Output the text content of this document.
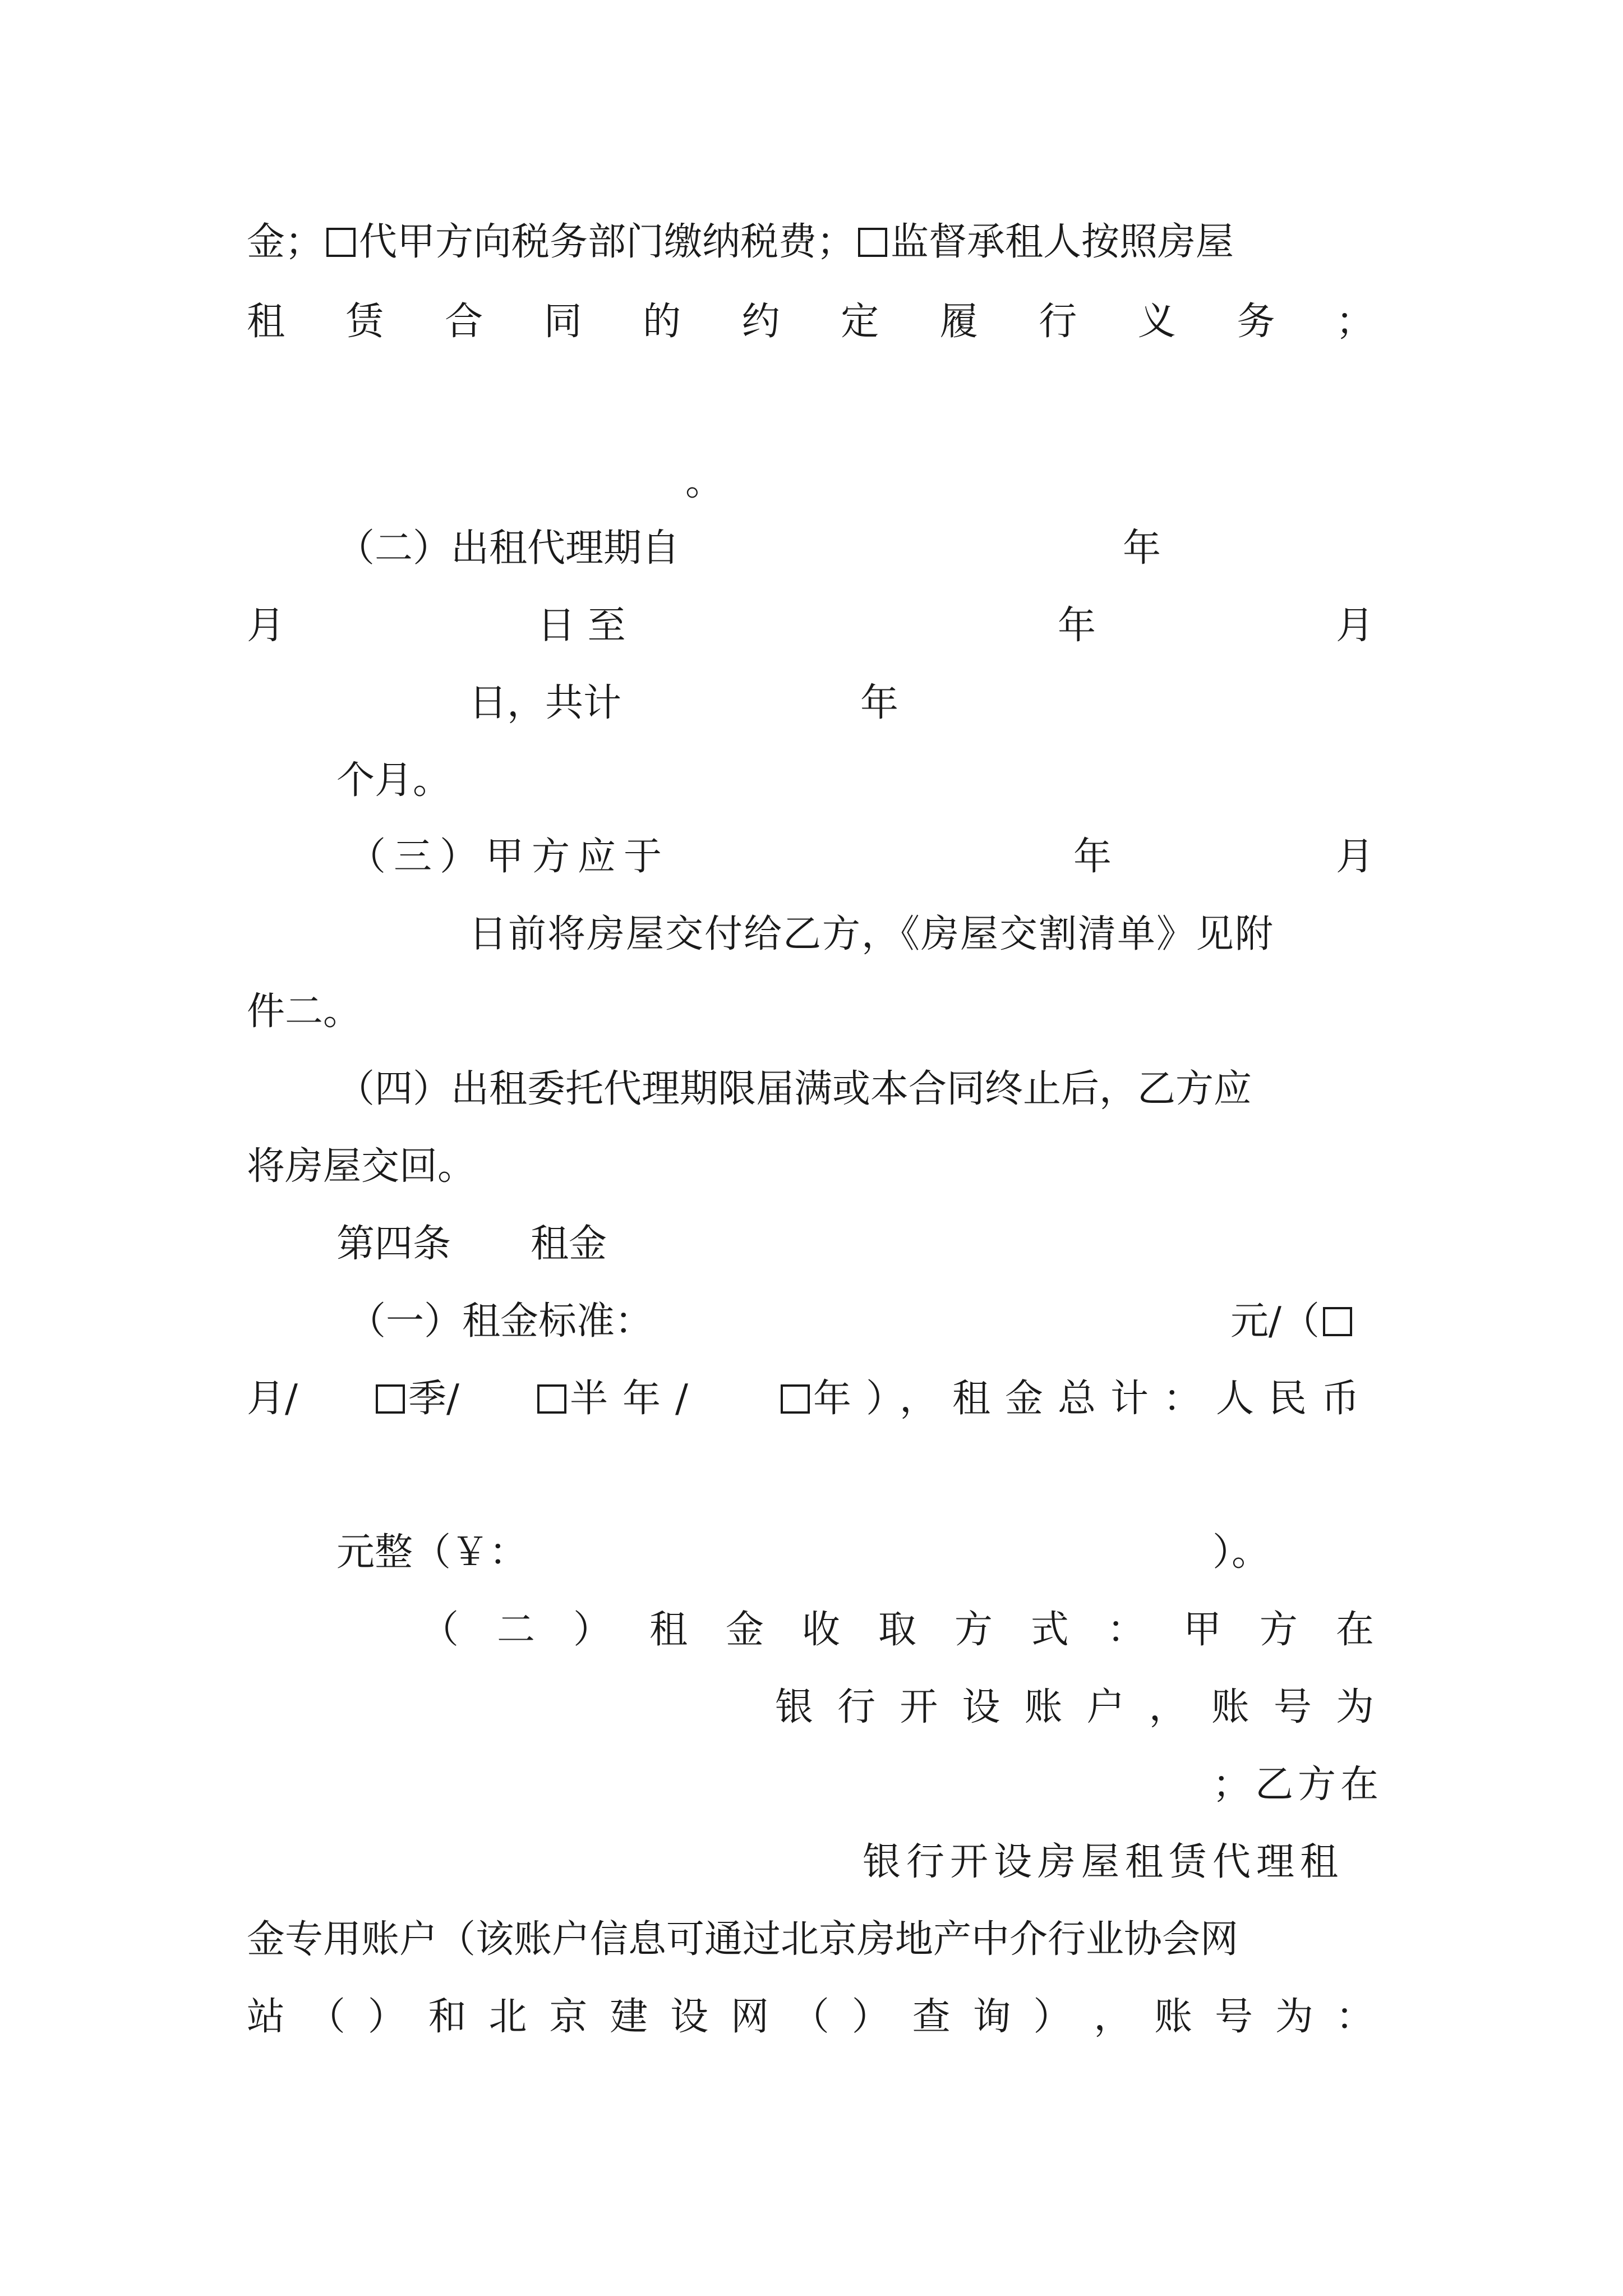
金； 代甲方向税务部门缴纳税费； 监督承租人按照房屋
租 赁 合 同 的 约 定 履 行 义 务 ；
。
（二）出租代理期自	年
月	日 至	年	月
日，共计	年
个月。
（三）甲方应于	年	月
日前将房屋交付给乙方，《房屋交割清单》见附
件二。
（四）出租委托代理期限届满或本合同终止后，乙方应
将房屋交回。
第四条 租金
（一）租金标准：	元/（
月/	季/	半年/	年），租金总计：人民币
元整（￥：	）。
（ 二 ） 租 金 收 取 方 式 ： 甲 方 在
银 行 开 设 账 户 ， 账 号 为
；乙方在
银行开设房屋租赁代理租
金专用账户（该账户信息可通过北京房地产中介行业协会网
站 （ ） 和 北 京 建 设 网 （ ） 查 询 ） ， 账 号 为 ：
